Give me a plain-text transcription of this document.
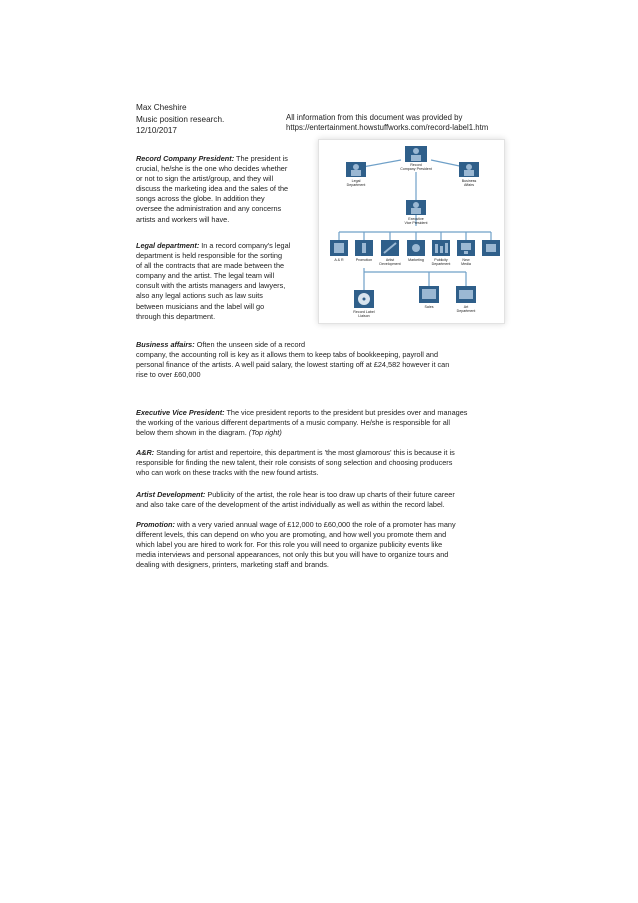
Max Cheshire
Music position research.
12/10/2017
All information from this document was provided by
https://entertainment.howstuffworks.com/record-label1.htm
Record
Company President
Legal
Department
Business
Affairs
Executive
Vice President
A & R	Promotion	Artist
Development
Marketing	Publicity
Department
New
Media
Record Label
Liaison
Sales	Art
Department
Record Company President: The president is
crucial, he/she is the one who decides whether
or not to sign the artist/group, and they will
discuss the marketing idea and the sales of the
songs across the globe. In addition they
oversee the administration and any concerns
artists and workers will have.
Legal department: In a record company's legal
department is held responsible for the sorting
of all the contracts that are made between the
company and the artist. The legal team will
consult with the artists managers and lawyers,
also any legal actions such as law suits
between musicians and the label will go
through this department.
Business affairs: Often the unseen side of a record
company, the accounting roll is key as it allows them to keep tabs of bookkeeping, payroll and
personal finance of the artists. A well paid salary, the lowest starting off at £24,582 however it can
rise to over £60,000
Executive Vice President: The vice president reports to the president but presides over and manages
the working of the various different departments of a music company. He/she is responsible for all
below them shown in the diagram. (Top right)
A&R: Standing for artist and repertoire, this department is 'the most glamorous' this is because it is
responsible for finding the new talent, their role consists of song selection and choosing producers
who can work on these tracks with the new found artists.
Artist Development: Publicity of the artist, the role hear is too draw up charts of their future career
and also take care of the development of the artist individually as well as within the record label.
Promotion: with a very varied annual wage of £12,000 to £60,000 the role of a promoter has many
different levels, this can depend on who you are promoting, and how well you promote them and
which label you are hired to work for. For this role you will need to organize publicity events like
media interviews and personal appearances, not only this but you will have to organize tours and
dealing with designers, printers, marketing staff and brands.
